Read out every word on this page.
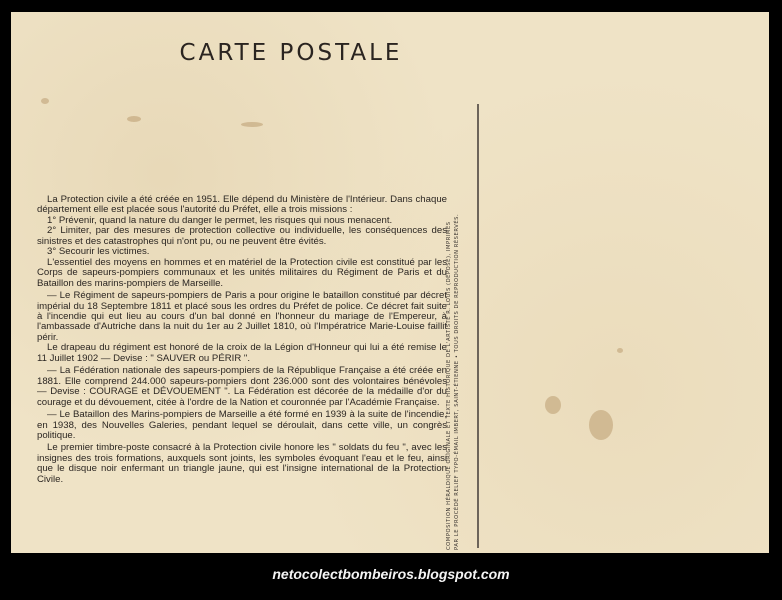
CARTE POSTALE

La Protection civile a été créée en 1951. Elle dépend du Ministère de l'Intérieur. Dans chaque département elle est placée sous l'autorité du Préfet, elle a trois missions :

1° Prévenir, quand la nature du danger le permet, les risques qui nous menacent.

2° Limiter, par des mesures de protection collective ou individuelle, les conséquences des sinistres et des catastrophes qui n'ont pu, ou ne peuvent être évités.

3° Secourir les victimes.

L'essentiel des moyens en hommes et en matériel de la Protection civile est constitué par les Corps de sapeurs-pompiers communaux et les unités militaires du Régiment de Paris et du Bataillon des marins-pompiers de Marseille.

— Le Régiment de sapeurs-pompiers de Paris a pour origine le bataillon constitué par décret impérial du 18 Septembre 1811 et placé sous les ordres du Préfet de police. Ce décret fait suite à l'incendie qui eut lieu au cours d'un bal donné en l'honneur du mariage de l'Empereur, à l'ambassade d'Autriche dans la nuit du 1er au 2 Juillet 1810, où l'Impératrice Marie-Louise faillit périr.

Le drapeau du régiment est honoré de la croix de la Légion d'Honneur qui lui a été remise le 11 Juillet 1902 — Devise : " SAUVER ou PÉRIR ".

— La Fédération nationale des sapeurs-pompiers de la République Française a été créée en 1881. Elle comprend 244.000 sapeurs-pompiers dont 236.000 sont des volontaires bénévoles — Devise : COURAGE et DÉVOUEMENT ". La Fédération est décorée de la médaille d'or du courage et du dévouement, citée à l'ordre de la Nation et couronnée par l'Académie Française.

— Le Bataillon des Marins-pompiers de Marseille a été formé en 1939 à la suite de l'incendie, en 1938, des Nouvelles Galeries, pendant lequel se déroulait, dans cette ville, un congrès politique.

Le premier timbre-poste consacré à la Protection civile honore les " soldats du feu ", avec les insignes des trois formations, auxquels sont joints, les symboles évoquant l'eau et le feu, ainsi que le disque noir enfermant un triangle jaune, qui est l'insigne international de la Protection Civile.	COMPOSITION HÉRALDIQUE ORIGINALE ET TEXTE HISTORIQUE DE L'ARTISTE R. LOUIS (DÉPOSÉ), IMPRIMÉS PAR LE PROCÉDÉ RELIEF TYPO-ÉMAIL IMBERT, SAINT-ÉTIENNE • TOUS DROITS DE REPRODUCTION RÉSERVÉS.
netocolectbombeiros.blogspot.com
